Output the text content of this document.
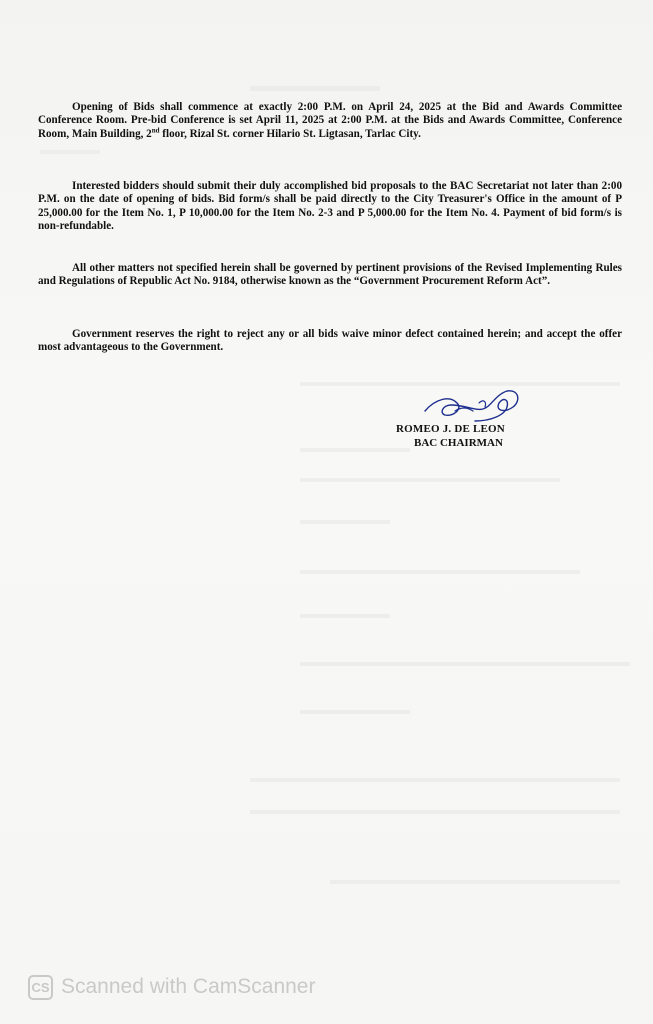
Opening of Bids shall commence at exactly 2:00 P.M. on April 24, 2025 at the Bid and Awards Committee Conference Room. Pre-bid Conference is set April 11, 2025 at 2:00 P.M. at the Bids and Awards Committee, Conference Room, Main Building, 2nd floor, Rizal St. corner Hilario St. Ligtasan, Tarlac City.

Interested bidders should submit their duly accomplished bid proposals to the BAC Secretariat not later than 2:00 P.M. on the date of opening of bids. Bid form/s shall be paid directly to the City Treasurer's Office in the amount of P 25,000.00 for the Item No. 1, P 10,000.00 for the Item No. 2-3 and P 5,000.00 for the Item No. 4. Payment of bid form/s is non-refundable.

All other matters not specified herein shall be governed by pertinent provisions of the Revised Implementing Rules and Regulations of Republic Act No. 9184, otherwise known as the “Government Procurement Reform Act”.

Government reserves the right to reject any or all bids waive minor defect contained herein; and accept the offer most advantageous to the Government.

ROMEO J. DE LEON
BAC CHAIRMAN
CS Scanned with CamScanner
